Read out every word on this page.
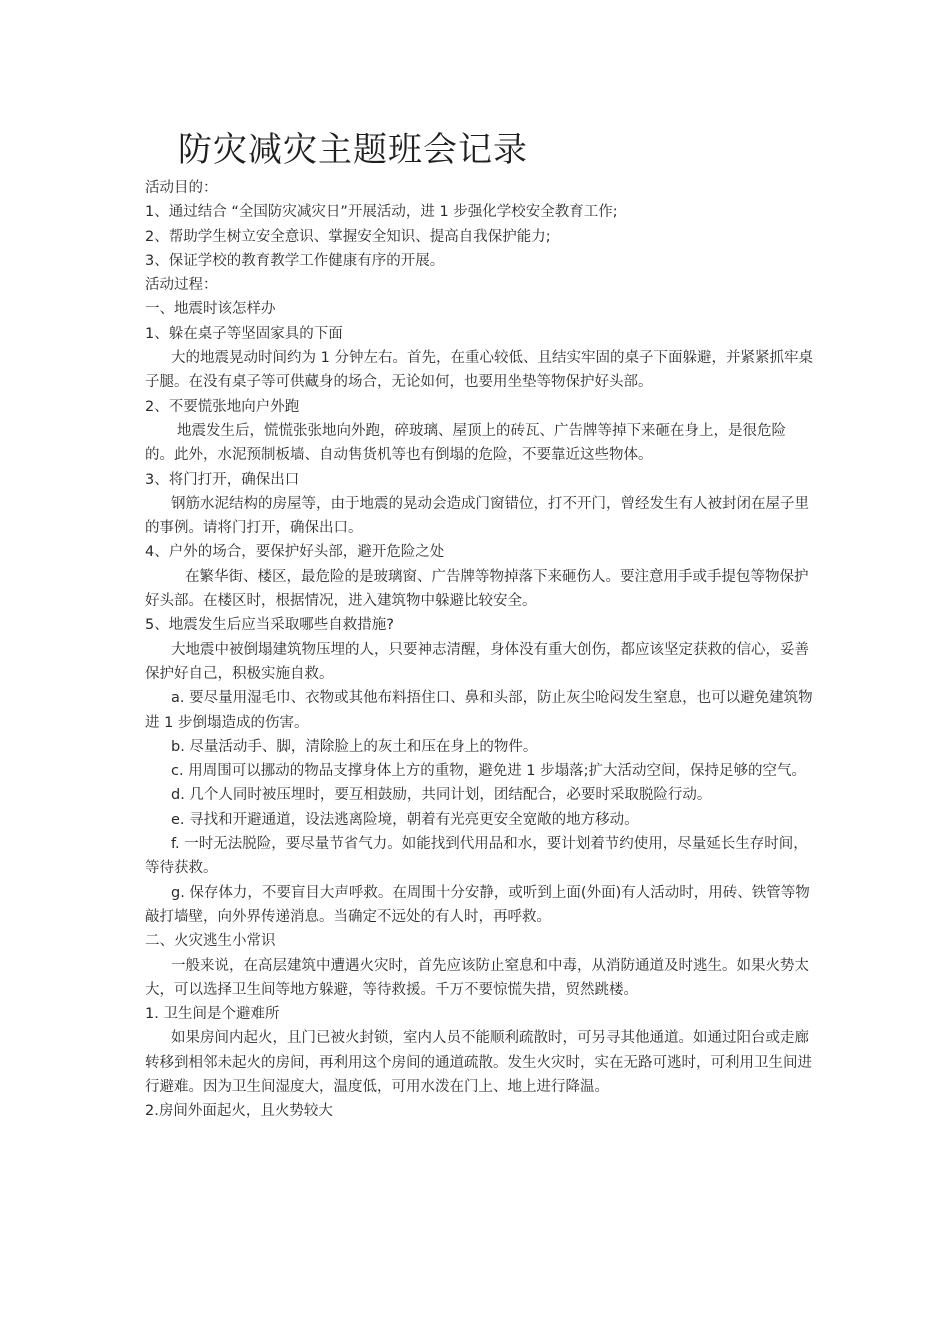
防灾减灾主题班会记录

活动目的：

1、通过结合 “全国防灾减灾日”开展活动，进 1 步强化学校安全教育工作;

2、帮助学生树立安全意识、掌握安全知识、提高自我保护能力;

3、保证学校的教育教学工作健康有序的开展。

活动过程：

一、地震时该怎样办

1、躲在桌子等坚固家具的下面

大的地震晃动时间约为 1 分钟左右。首先，在重心较低、且结实牢固的桌子下面躲避，并紧紧抓牢桌子腿。在没有桌子等可供藏身的场合，无论如何，也要用坐垫等物保护好头部。

2、不要慌张地向户外跑

地震发生后，慌慌张张地向外跑，碎玻璃、屋顶上的砖瓦、广告牌等掉下来砸在身上，是很危险的。此外，水泥预制板墙、自动售货机等也有倒塌的危险，不要靠近这些物体。

3、将门打开，确保出口

钢筋水泥结构的房屋等，由于地震的晃动会造成门窗错位，打不开门，曾经发生有人被封闭在屋子里的事例。请将门打开，确保出口。

4、户外的场合，要保护好头部，避开危险之处

在繁华街、楼区，最危险的是玻璃窗、广告牌等物掉落下来砸伤人。要注意用手或手提包等物保护好头部。在楼区时，根据情况，进入建筑物中躲避比较安全。

5、地震发生后应当采取哪些自救措施?

大地震中被倒塌建筑物压埋的人，只要神志清醒，身体没有重大创伤，都应该坚定获救的信心，妥善保护好自己，积极实施自救。

a. 要尽量用湿毛巾、衣物或其他布料捂住口、鼻和头部，防止灰尘呛闷发生窒息，也可以避免建筑物进 1 步倒塌造成的伤害。

b. 尽量活动手、脚，清除脸上的灰土和压在身上的物件。

c. 用周围可以挪动的物品支撑身体上方的重物，避免进 1 步塌落;扩大活动空间，保持足够的空气。

d. 几个人同时被压埋时，要互相鼓励，共同计划，团结配合，必要时采取脱险行动。

e. 寻找和开避通道，设法逃离险境，朝着有光亮更安全宽敞的地方移动。

f. 一时无法脱险，要尽量节省气力。如能找到代用品和水，要计划着节约使用，尽量延长生存时间，等待获救。

g. 保存体力，不要盲目大声呼救。在周围十分安静，或听到上面(外面)有人活动时，用砖、铁管等物敲打墙壁，向外界传递消息。当确定不远处的有人时，再呼救。

二、火灾逃生小常识

一般来说，在高层建筑中遭遇火灾时，首先应该防止窒息和中毒，从消防通道及时逃生。如果火势太大，可以选择卫生间等地方躲避，等待救援。千万不要惊慌失措，贸然跳楼。

1. 卫生间是个避难所

如果房间内起火，且门已被火封锁，室内人员不能顺利疏散时，可另寻其他通道。如通过阳台或走廊转移到相邻未起火的房间，再利用这个房间的通道疏散。发生火灾时，实在无路可逃时，可利用卫生间进行避难。因为卫生间湿度大，温度低，可用水泼在门上、地上进行降温。

2.房间外面起火，且火势较大
